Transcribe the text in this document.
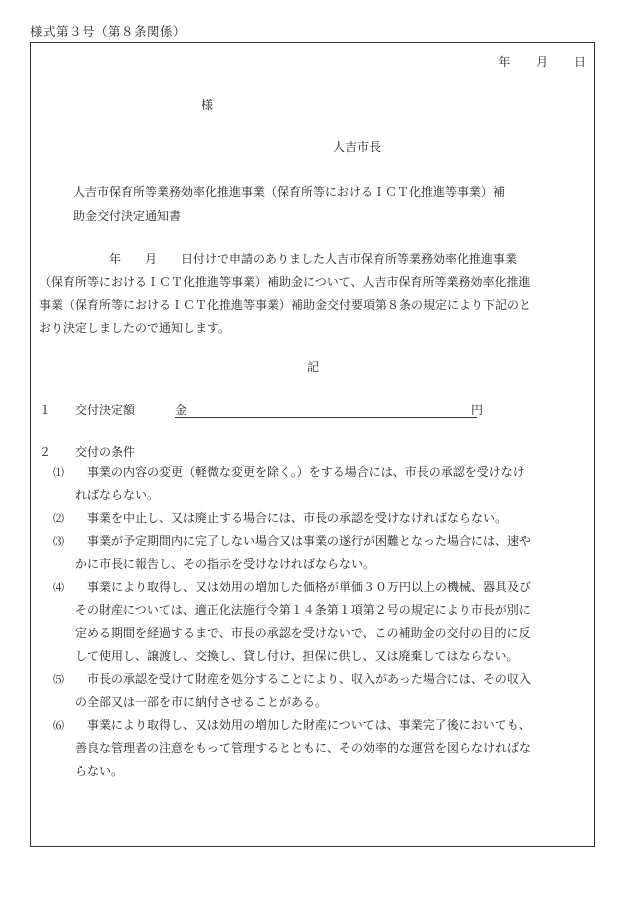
様式第３号（第８条関係）
年 月 日
様
人吉市長
人吉市保育所等業務効率化推進事業（保育所等におけるＩＣＴ化推進等事業）補
助金交付決定通知書
年　　月　　日付けで申請のありました人吉市保育所等業務効率化推進事業
（保育所等におけるＩＣＴ化推進等事業）補助金について、人吉市保育所等業務効率化推進
事業（保育所等におけるＩＣＴ化推進等事業）補助金交付要項第８条の規定により下記のと
おり決定しましたので通知します。
記
１ 交付決定額	金	円
２ 交付の条件
⑴	事業の内容の変更（軽微な変更を除く。）をする場合には、市長の承認を受けなけ
ればならない。
⑵	事業を中止し、又は廃止する場合には、市長の承認を受けなければならない。
⑶	事業が予定期間内に完了しない場合又は事業の遂行が困難となった場合には、速や
かに市長に報告し、その指示を受けなければならない。
⑷	事業により取得し、又は効用の増加した価格が単価３０万円以上の機械、器具及び
その財産については、適正化法施行令第１４条第１項第２号の規定により市長が別に
定める期間を経過するまで、市長の承認を受けないで、この補助金の交付の目的に反
して使用し、譲渡し、交換し、貸し付け、担保に供し、又は廃棄してはならない。
⑸	市長の承認を受けて財産を処分することにより、収入があった場合には、その収入
の全部又は一部を市に納付させることがある。
⑹	事業により取得し、又は効用の増加した財産については、事業完了後においても、
善良な管理者の注意をもって管理するとともに、その効率的な運営を図らなければな
らない。
